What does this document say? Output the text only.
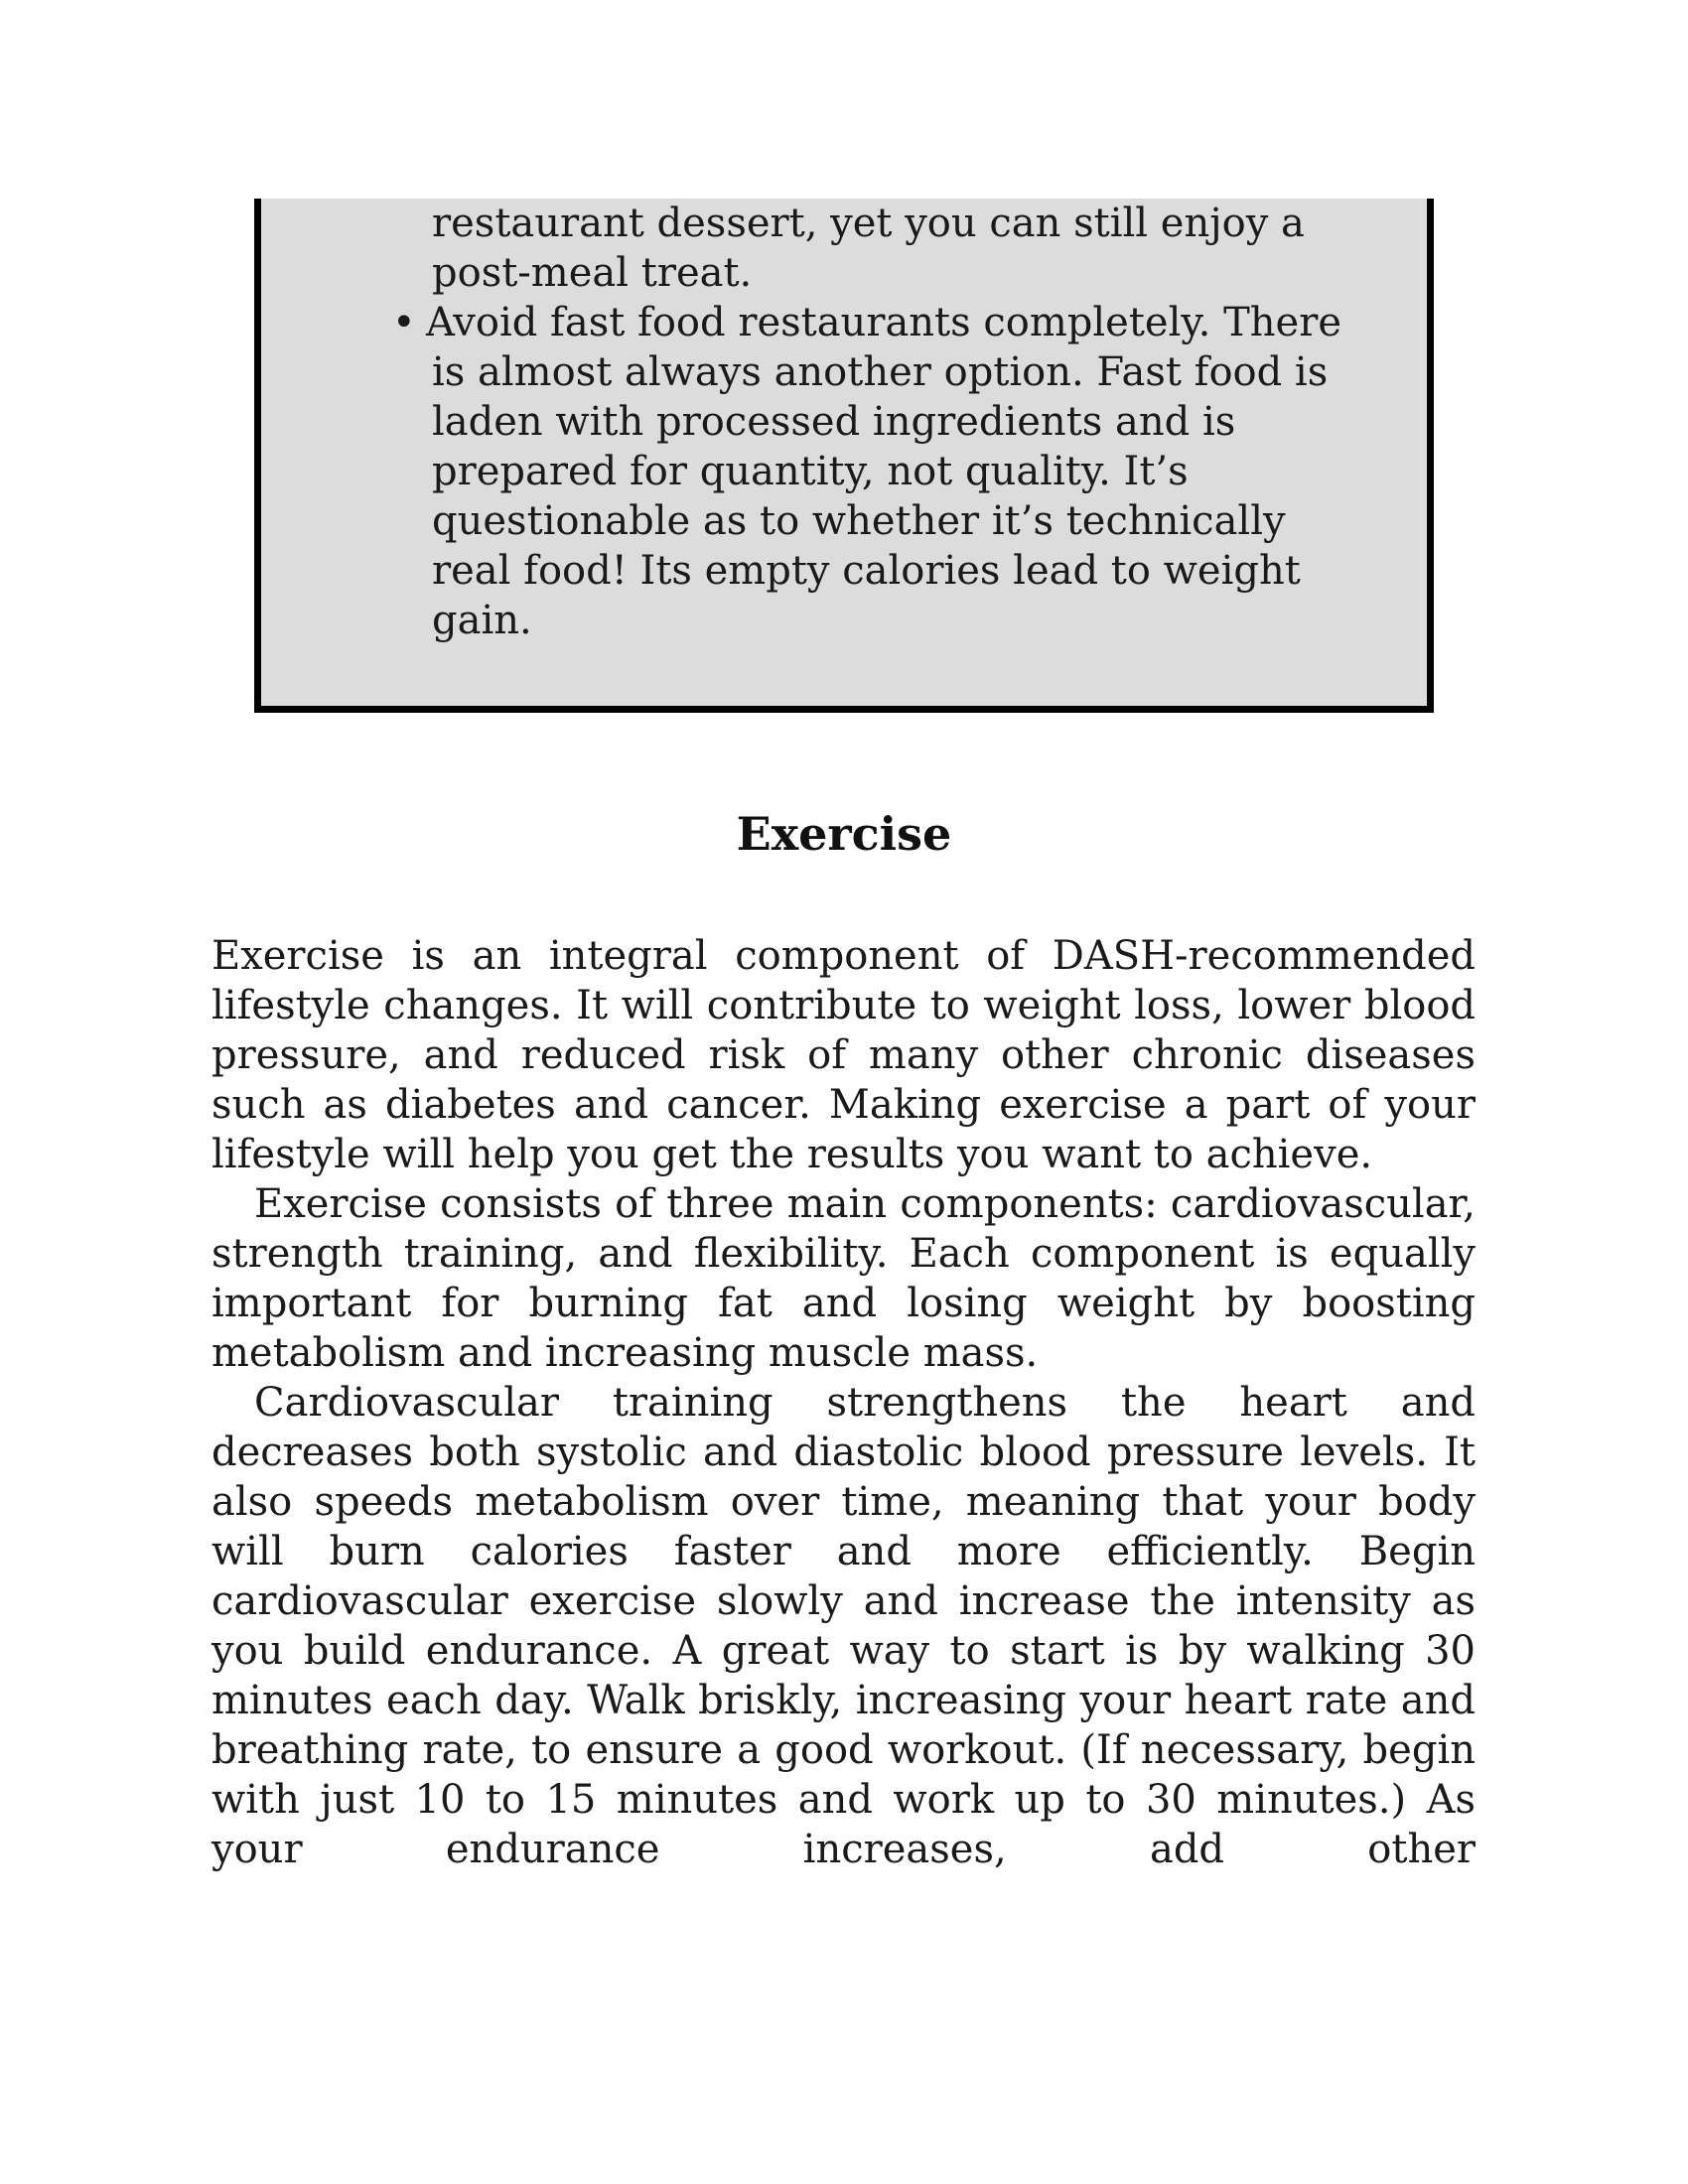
restaurant dessert, yet you can still enjoy a
post-meal treat.
• Avoid fast food restaurants completely. There
is almost always another option. Fast food is
laden with processed ingredients and is
prepared for quantity, not quality. It’s
questionable as to whether it’s technically
real food! Its empty calories lead to weight
gain.
Exercise

Exercise is an integral component of DASH-recommended lifestyle changes. It will contribute to weight loss, lower blood pressure, and reduced risk of many other chronic diseases such as diabetes and cancer. Making exercise a part of your lifestyle will help you get the results you want to achieve.

Exercise consists of three main components: cardiovascular, strength training, and flexibility. Each component is equally important for burning fat and losing weight by boosting metabolism and increasing muscle mass.

Cardiovascular training strengthens the heart and decreases both systolic and diastolic blood pressure levels. It also speeds metabolism over time, meaning that your body will burn calories faster and more efficiently. Begin cardiovascular exercise slowly and increase the intensity as you build endurance. A great way to start is by walking 30 minutes each day. Walk briskly, increasing your heart rate and breathing rate, to ensure a good workout. (If necessary, begin with just 10 to 15 minutes and work up to 30 minutes.) As your endurance increases, add other
